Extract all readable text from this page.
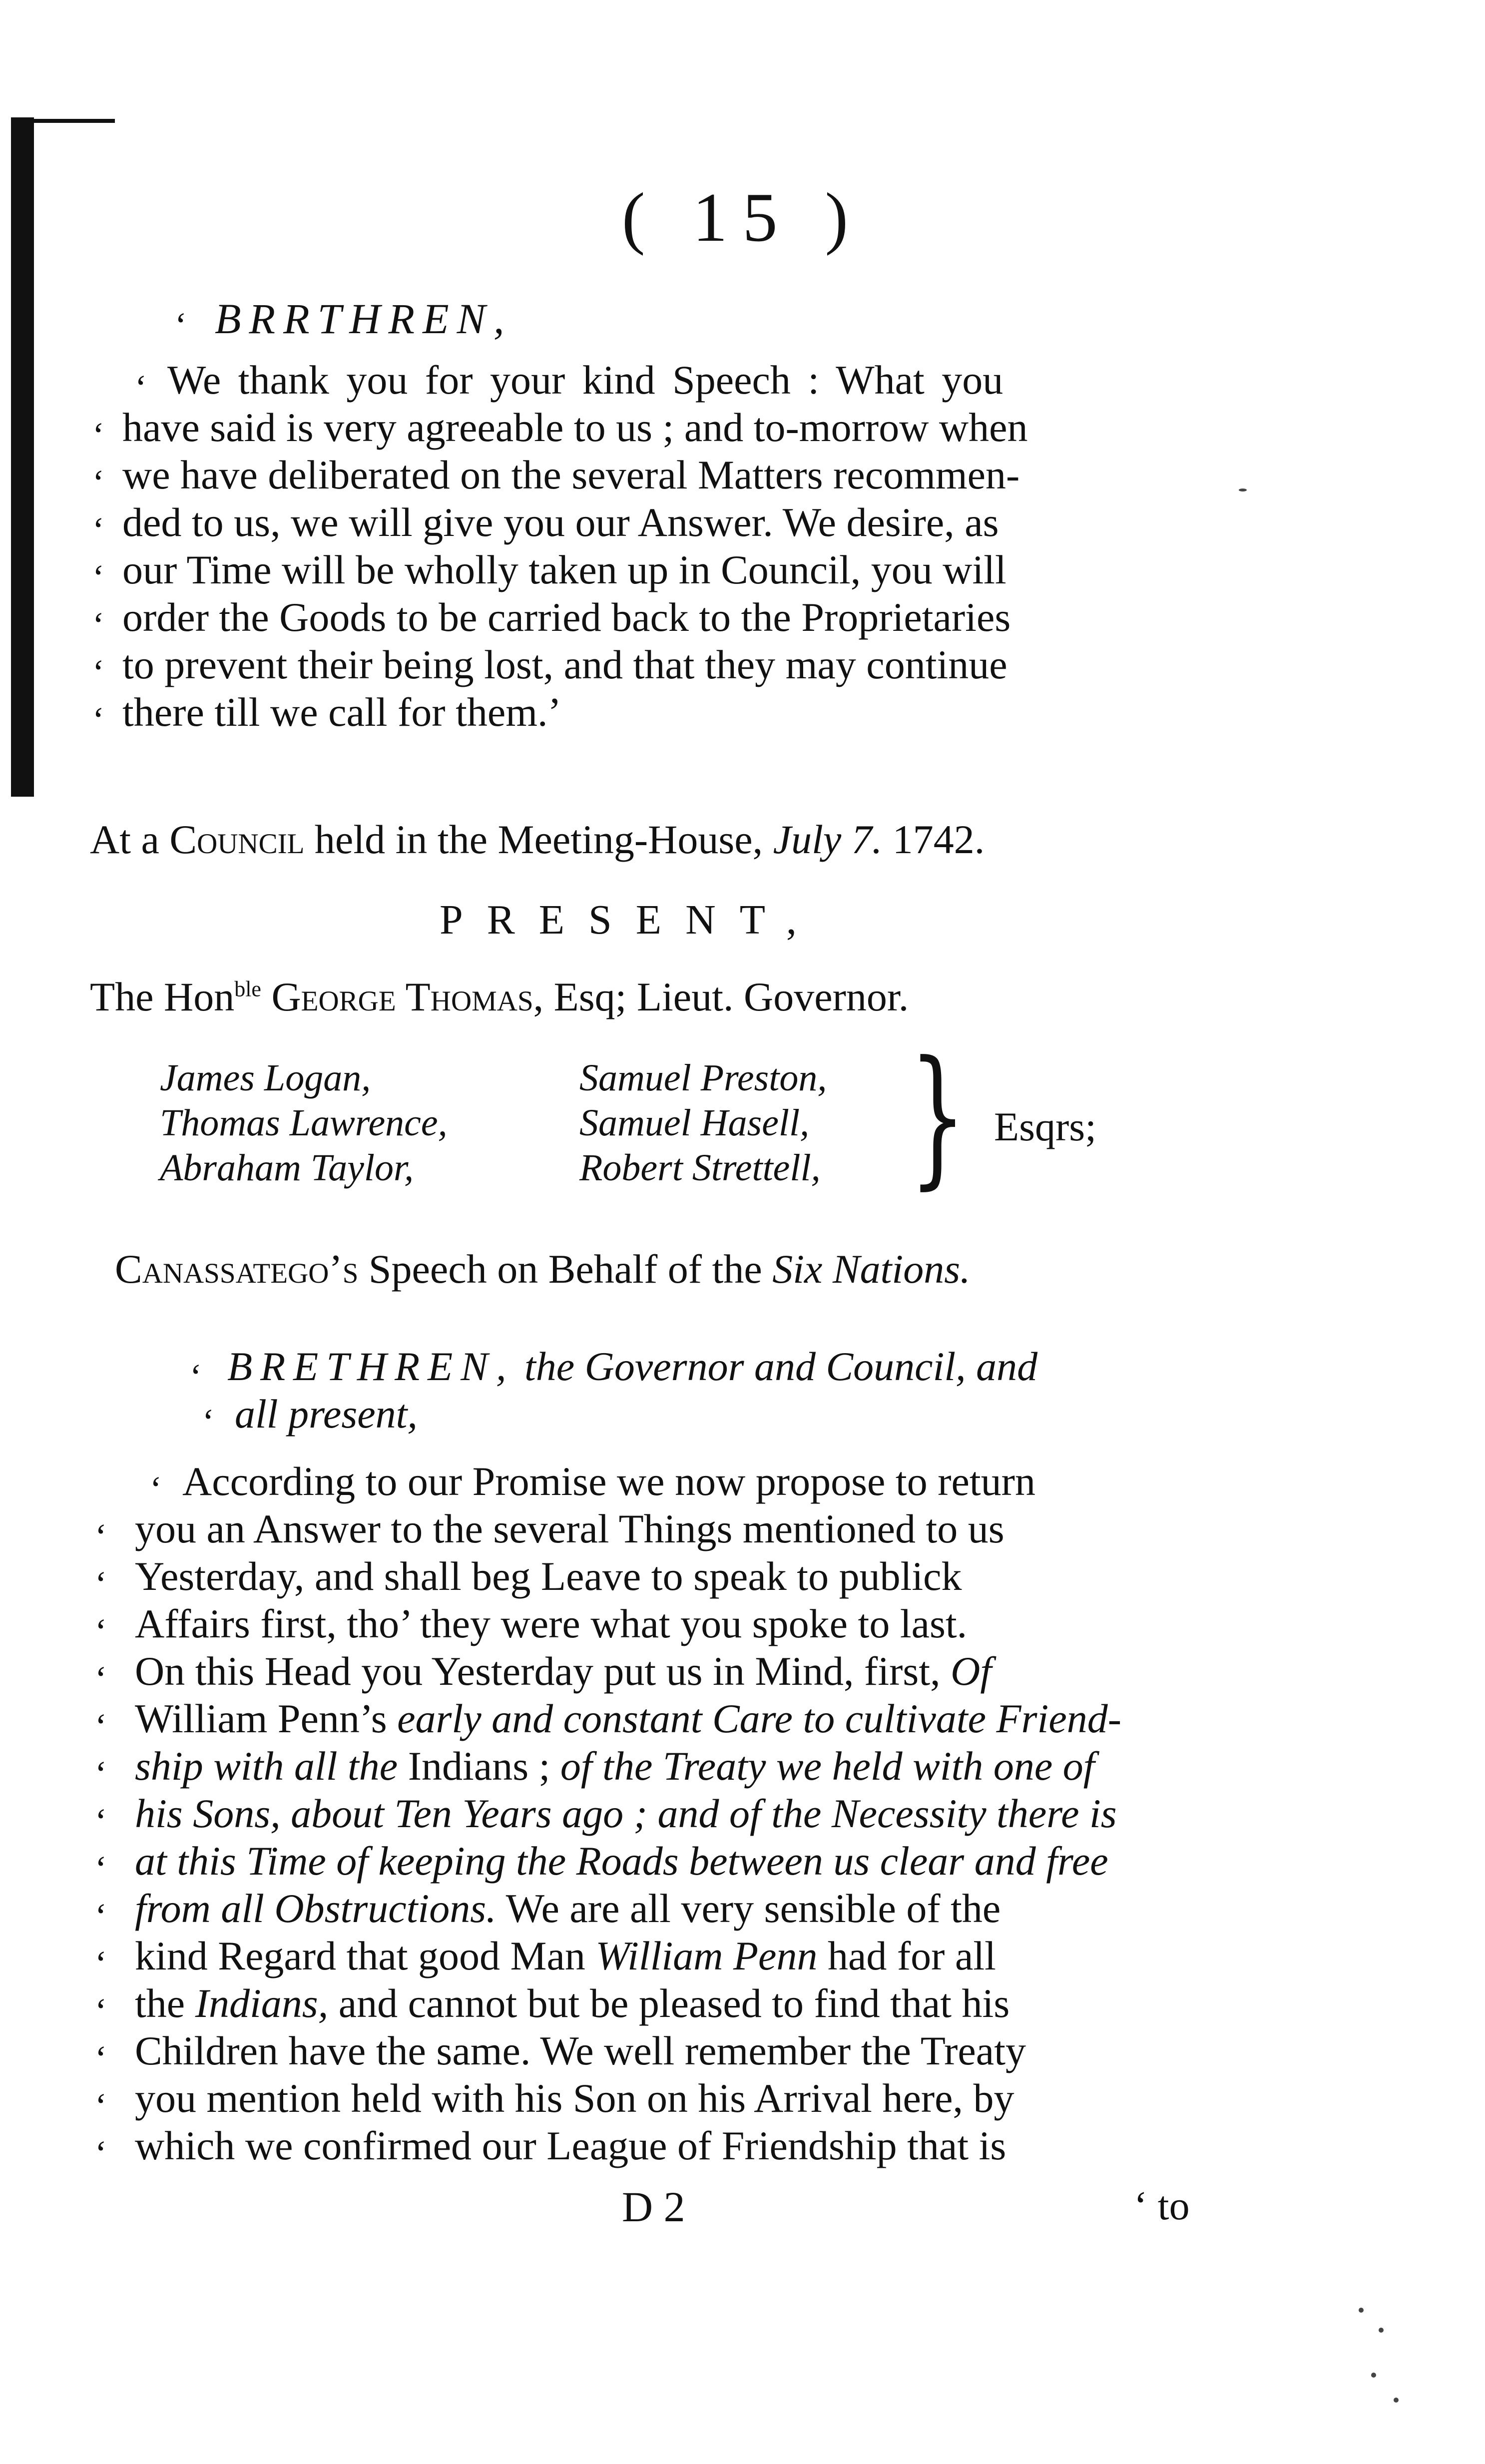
( 15 )
‘ BRRTHREN,
‘ We thank you for your kind Speech : What you
‘ have said is very agreeable to us ; and to-morrow when
‘ we have deliberated on the several Matters recommen-
‘ ded to us, we will give you our Answer. We desire, as
‘ our Time will be wholly taken up in Council, you will
‘ order the Goods to be carried back to the Proprietaries
‘ to prevent their being lost, and that they may continue
‘ there till we call for them.’
At a Council held in the Meeting-House, July 7. 1742.
PRESENT,
The Hon$^{ble}$ George Thomas, Esq; Lieut. Governor.
James Logan,
Thomas Lawrence,
Abraham Taylor,
Samuel Preston,
Samuel Hasell,
Robert Strettell, } Esqrs;
Canassatego’s Speech on Behalf of the Six Nations.
‘ BRETHREN, the Governor and Council, and
‘ all present,
‘ According to our Promise we now propose to return
‘ you an Answer to the several Things mentioned to us
‘ Yesterday, and shall beg Leave to speak to publick
‘ Affairs first, tho’ they were what you spoke to last.
‘ On this Head you Yesterday put us in Mind, first, Of
‘ William Penn’s early and constant Care to cultivate Friend-
‘ ship with all the Indians ; of the Treaty we held with one of
‘ his Sons, about Ten Years ago ; and of the Necessity there is
‘ at this Time of keeping the Roads between us clear and free
‘ from all Obstructions. We are all very sensible of the
‘ kind Regard that good Man William Penn had for all
‘ the Indians, and cannot but be pleased to find that his
‘ Children have the same. We well remember the Treaty
‘ you mention held with his Son on his Arrival here, by
‘ which we confirmed our League of Friendship that is
D 2	‘ to
